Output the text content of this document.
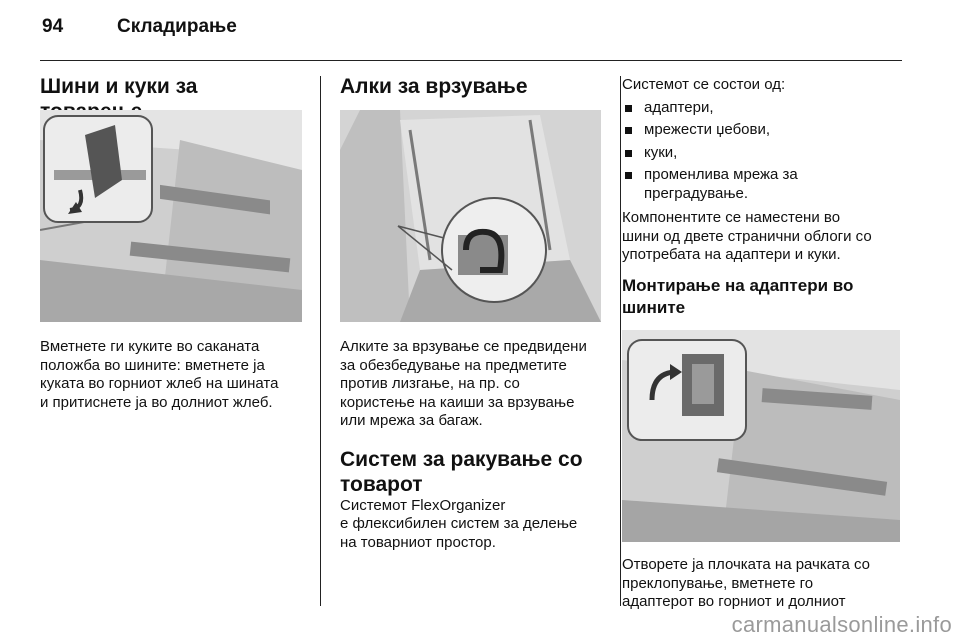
94	Складирање
Шини и куки за

Вметнете ги куките во саканата

положба во шините: вметнете ја

куката во горниот жлеб на шината

и притиснете ја во долниот жлеб.

Алки за врзување

Алките за врзување се предвидени

за обезбедување на предметите

против лизгање, на пр. со

користење на каиши за врзување

или мрежа за багаж.

Систем за ракување со
товарот

Системот FlexOrganizer

е флексибилен систем за делење

на товарниот простор.

Системот се состои од:

адаптери,
мрежести џебови,
куки,
променлива мрежа за
преградување.

Компонентите се наместени во

шини од двете странични облоги со

употребата на адаптери и куки.

Монтирање на адаптери во
шините

Отворете ја плочката на рачката со

преклопување, вметнете го

адаптерот во горниот и долниот

carmanualsonline.info
